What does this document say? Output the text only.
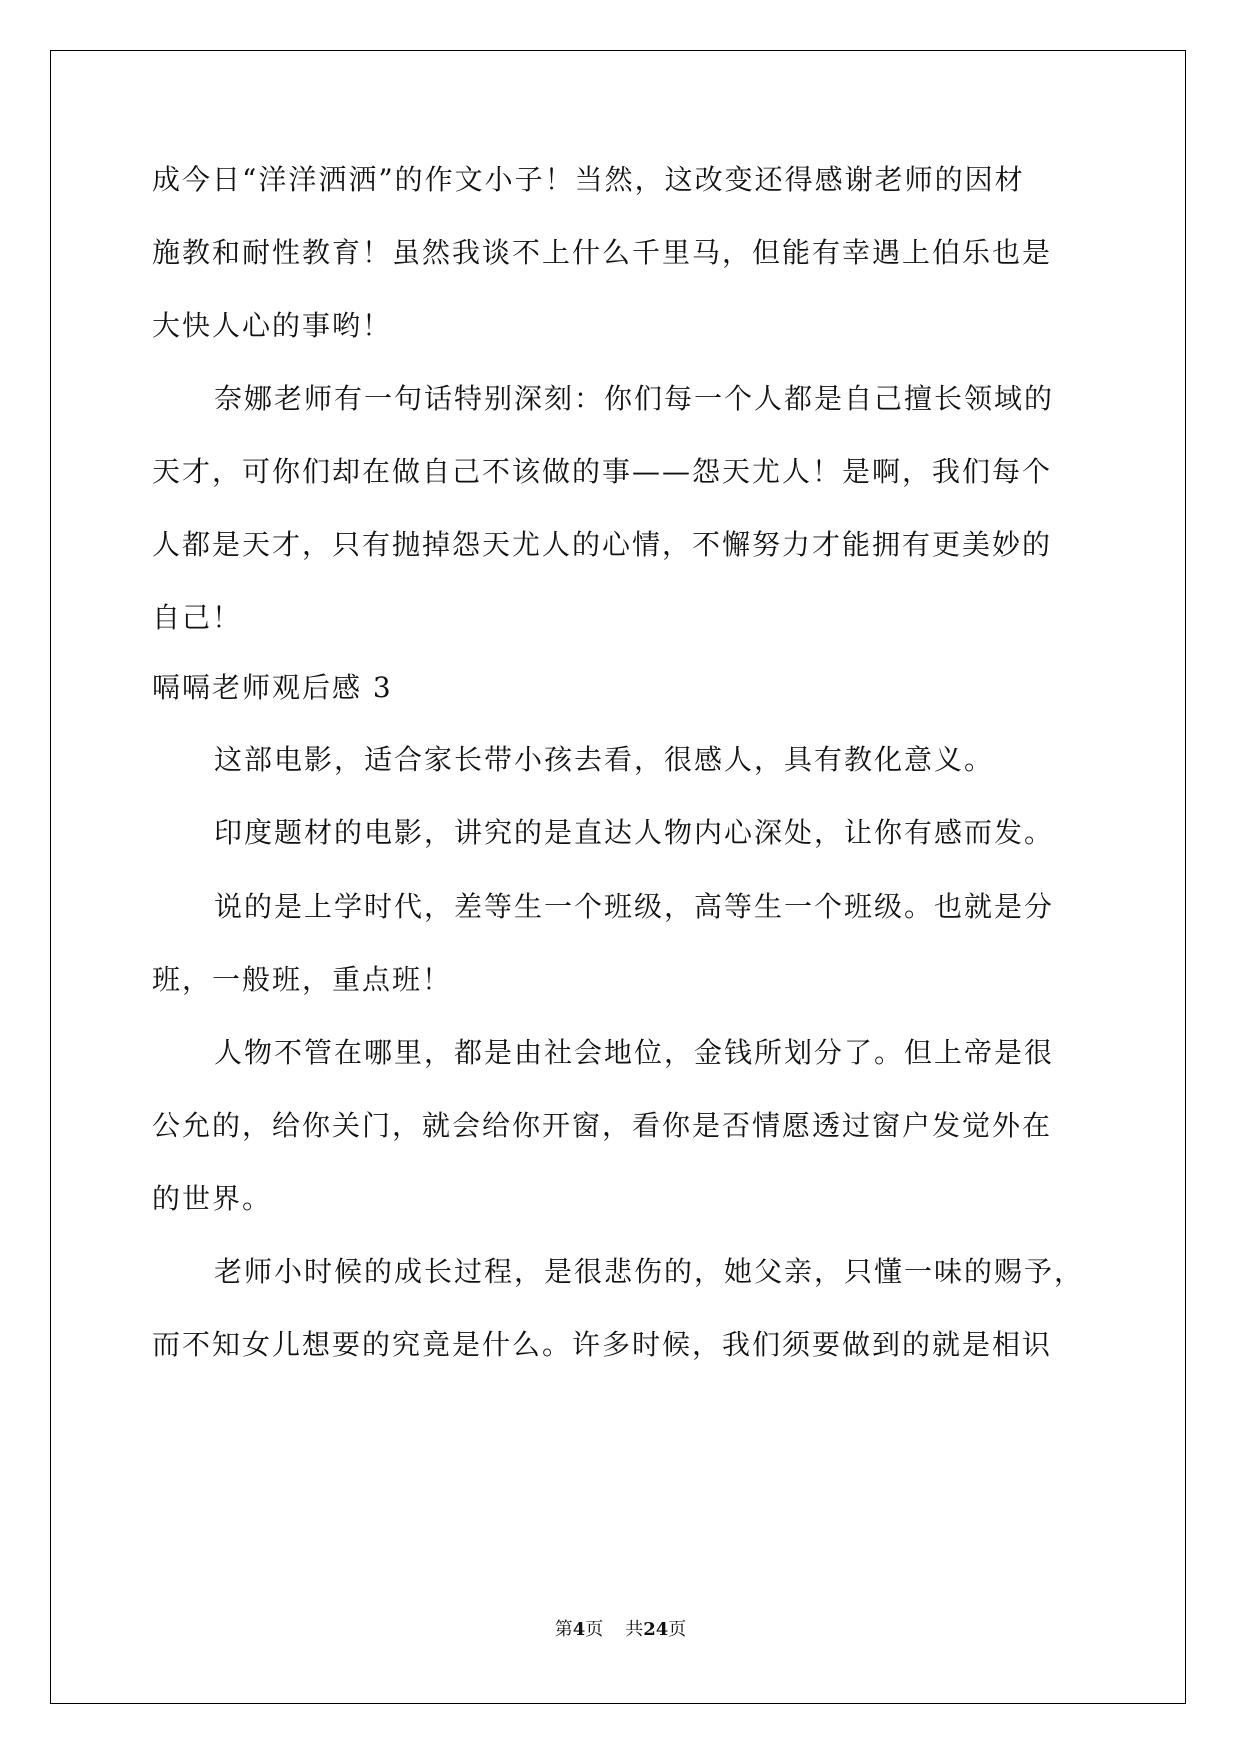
成今日“洋洋洒洒”的作文小子！当然，这改变还得感谢老师的因材
施教和耐性教育！虽然我谈不上什么千里马，但能有幸遇上伯乐也是
大快人心的事哟！
奈娜老师有一句话特别深刻：你们每一个人都是自己擅长领域的
天才，可你们却在做自己不该做的事——怨天尤人！是啊，我们每个
人都是天才，只有抛掉怨天尤人的心情，不懈努力才能拥有更美妙的
自己！
嗝嗝老师观后感 3
这部电影，适合家长带小孩去看，很感人，具有教化意义。
印度题材的电影，讲究的是直达人物内心深处，让你有感而发。
说的是上学时代，差等生一个班级，高等生一个班级。也就是分
班，一般班，重点班！
人物不管在哪里，都是由社会地位，金钱所划分了。但上帝是很
公允的，给你关门，就会给你开窗，看你是否情愿透过窗户发觉外在
的世界。
老师小时候的成长过程，是很悲伤的，她父亲，只懂一味的赐予，
而不知女儿想要的究竟是什么。许多时候，我们须要做到的就是相识
第4页 共24页
